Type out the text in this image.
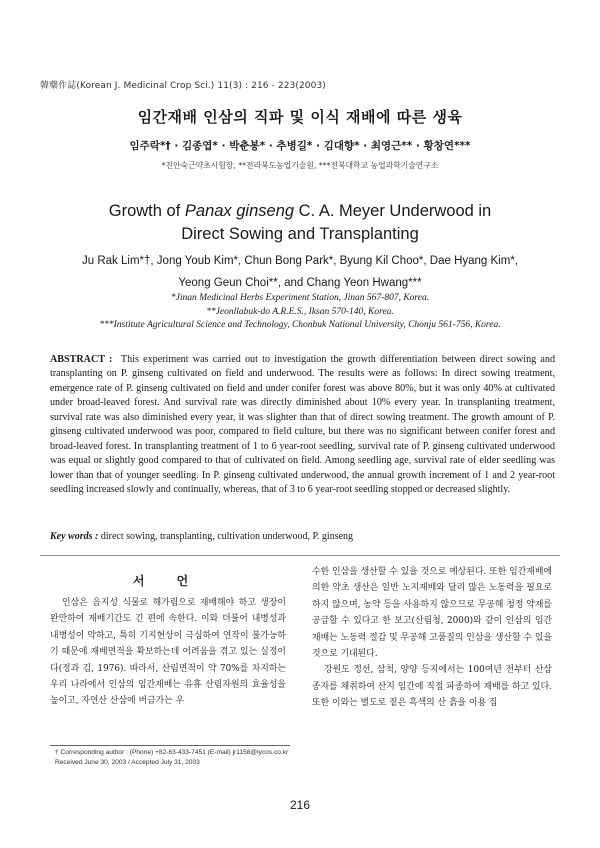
韓藥作誌(Korean J. Medicinal Crop Sci.) 11(3) : 216 - 223(2003)
임간재배 인삼의 직파 및 이식 재배에 따른 생육
임주락*† · 김종엽* · 박춘봉* · 추병길* · 김대향* · 최영근** · 황창연***
*진안숙근약초시험장, **전라북도농업기술원, ***전북대학교 농업과학기술연구소
Growth of Panax ginseng C. A. Meyer Underwood in
Direct Sowing and Transplanting
Ju Rak Lim*†, Jong Youb Kim*, Chun Bong Park*, Byung Kil Choo*, Dae Hyang Kim*,
Yeong Geun Choi**, and Chang Yeon Hwang***
*Jinan Medicinal Herbs Experiment Station, Jinan 567-807, Korea.
**Jeonllabuk-do A.R.E.S., Iksan 570-140, Korea.
***Institute Agricultural Science and Technology, Chonbuk National University, Chonju 561-756, Korea.
ABSTRACT : This experiment was carried out to investigation the growth differentiation between direct sowing and transplanting on P. ginseng cultivated on field and underwood. The results were as follows: In direct sowing treatment, emergence rate of P. ginseng cultivated on field and under conifer forest was above 80%, but it was only 40% at cultivated under broad-leaved forest. And survival rate was directly diminished about 10% every year. In transplanting treatment, survival rate was also diminished every year, it was slighter than that of direct sowing treatment. The growth amount of P. ginseng cultivated underwood was poor, compared to field culture, but there was no significant between conifer forest and broad-leaved forest. In transplanting treatment of 1 to 6 year-root seedling, survival rate of P. ginseng cultivated underwood was equal or slightly good compared to that of cultivated on field. Among seedling age, survival rate of elder seedling was lower than that of younger seedling. In P. ginseng cultivated underwood, the annual growth increment of 1 and 2 year-root seedling increased slowly and continually, whereas, that of 3 to 6 year-root seedling stopped or decreased slightly.
Key words : direct sowing, transplanting, cultivation underwood, P. ginseng
서 언

인삼은 음지성 식물로 해가림으로 재배해야 하고 생장이 완만하여 재배기간도 긴 편에 속한다. 이와 더불어 내병성과 내병성이 약하고, 특히 기지현상이 극심하여 연작이 불가능하기 때문에 재배면적을 확보하는데 어려움을 겪고 있는 실정이다(정과 김, 1976). 따라서, 산림면적이 약 70%를 차지하는 우리 나라에서 인삼의 임간재배는 유휴 산림자원의 효율성을 높이고, 자연산 산삼에 버금가는 우

수한 인삼을 생산할 수 있을 것으로 예상된다. 또한 임간재배에 의한 약초 생산은 일반 노지재배와 달리 많은 노동력을 필요로 하지 않으며, 농약 등을 사용하지 않으므로 무공해 청정 약재를 공급할 수 있다고 한 보고(산림청, 2000)와 같이 인삼의 임간재배는 노동력 절감 및 무공해 고품질의 인삼을 생산할 수 있을 것으로 기대된다.

강원도 정선, 삼척, 양양 등지에서는 100여년 전부터 산삼 종자를 채취하여 산지 임간에 직접 파종하여 재배를 하고 있다. 또한 이와는 별도로 짙은 흑색의 산 흙을 이용 집

† Corresponding author : (Phone) +82-63-433-7451 (E-mail) jr1158@lycos.co.kr
Received June 30, 2003 / Accepted July 31, 2003
216
